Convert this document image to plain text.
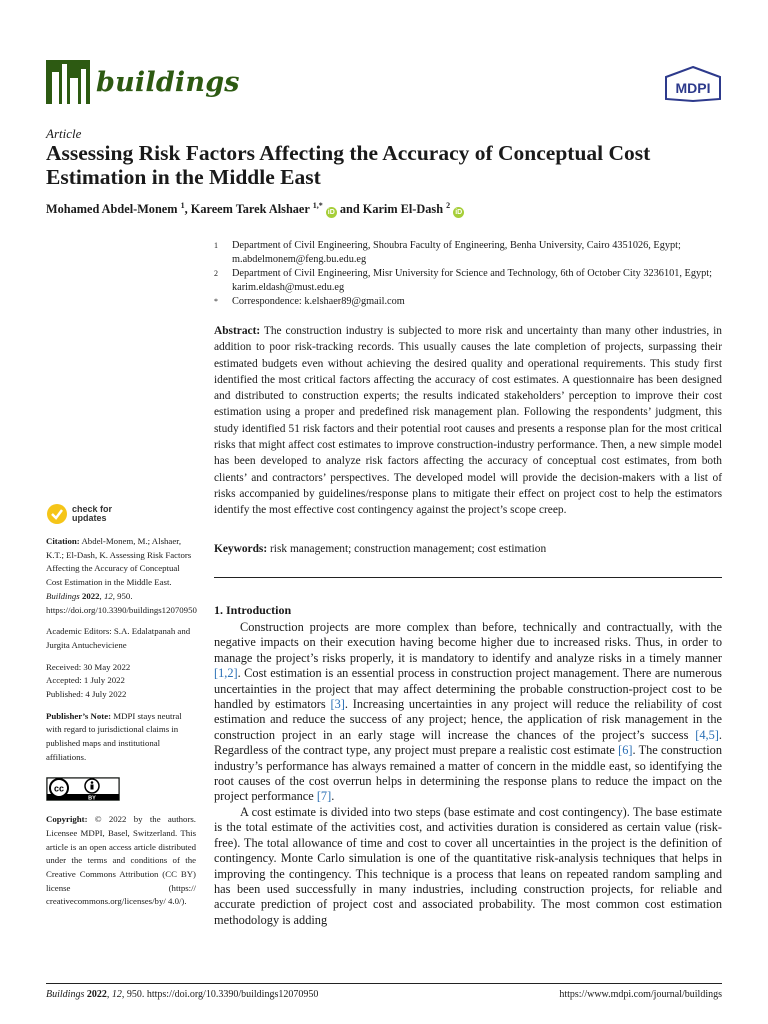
buildings	MDPI
Article
Assessing Risk Factors Affecting the Accuracy of Conceptual Cost Estimation in the Middle East
Mohamed Abdel-Monem $^1$, Kareem Tarek Alshaer $^{1,*}$ iD and Karim El-Dash $^2$ iD
1	Department of Civil Engineering, Shoubra Faculty of Engineering, Benha University, Cairo 4351026, Egypt; m.abdelmonem@feng.bu.edu.eg
2	Department of Civil Engineering, Misr University for Science and Technology, 6th of October City 3236101, Egypt; karim.eldash@must.edu.eg
*	Correspondence: k.elshaer89@gmail.com
Abstract: The construction industry is subjected to more risk and uncertainty than many other industries, in addition to poor risk-tracking records. This usually causes the late completion of projects, surpassing their estimated budgets even without achieving the desired quality and operational requirements. This study first identified the most critical factors affecting the accuracy of cost estimates. A questionnaire has been designed and distributed to construction experts; the results indicated stakeholders’ perception to improve their cost estimation using a proper and predefined risk management plan. Following the respondents’ judgment, this study identified 51 risk factors and their potential root causes and presents a response plan for the most critical risks that might affect cost estimates to improve construction-industry performance. Then, a new simple model has been developed to analyze risk factors affecting the accuracy of conceptual cost estimates, from both clients’ and contractors’ perspectives. The developed model will provide the decision-makers with a list of risks accompanied by guidelines/response plans to mitigate their effect on project cost to help the estimators identify the most effective cost contingency against the project’s scope creep.
Keywords: risk management; construction management; cost estimation
check for
updates
Citation: Abdel-Monem, M.; Alshaer, K.T.; El-Dash, K. Assessing Risk Factors Affecting the Accuracy of Conceptual Cost Estimation in the Middle East. Buildings 2022, 12, 950. https://doi.org/10.3390/buildings12070950
Academic Editors: S.A. Edalatpanah and Jurgita Antucheviciene
Received: 30 May 2022
Accepted: 1 July 2022
Published: 4 July 2022
Publisher’s Note: MDPI stays neutral with regard to jurisdictional claims in published maps and institutional affiliations.
cc
BY
Copyright: © 2022 by the authors. Licensee MDPI, Basel, Switzerland. This article is an open access article distributed under the terms and conditions of the Creative Commons Attribution (CC BY) license (https:// creativecommons.org/licenses/by/ 4.0/).
1. Introduction

Construction projects are more complex than before, technically and contractually, with the negative impacts on their execution having become higher due to increased risks. Thus, in order to manage the project’s risks properly, it is mandatory to identify and analyze risks in a timely manner [1,2]. Cost estimation is an essential process in construction project management. There are numerous uncertainties in the project that may affect determining the probable construction-project cost to be handled by estimators [3]. Increasing uncertainties in any project will reduce the reliability of cost estimation and reduce the success of any project; hence, the application of risk management in the construction project in an early stage will increase the chances of the project’s success [4,5]. Regardless of the contract type, any project must prepare a realistic cost estimate [6]. The construction industry’s performance has always remained a matter of concern in the middle east, so identifying the root causes of the cost overrun helps in determining the response plans to reduce the impact on the project performance [7].

A cost estimate is divided into two steps (base estimate and cost contingency). The base estimate is the total estimate of the activities cost, and activities duration is considered as certain value (risk-free). The total allowance of time and cost to cover all uncertainties in the project is the definition of contingency. Monte Carlo simulation is one of the quantitative risk-analysis techniques that helps in improving the contingency. This technique is a process that leans on repeated random sampling and has been used successfully in many industries, including construction projects, for reliable and accurate prediction of project cost and associated probability. The most common cost estimation methodology is adding

Buildings 2022, 12, 950. https://doi.org/10.3390/buildings12070950	https://www.mdpi.com/journal/buildings
